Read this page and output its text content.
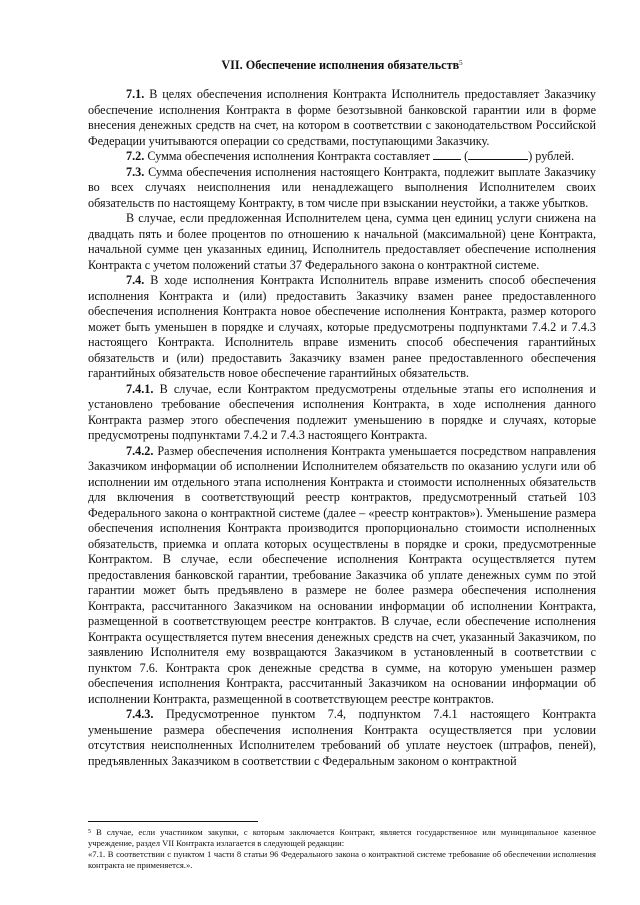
VII. Обеспечение исполнения обязательств$^5$

7.1. В целях обеспечения исполнения Контракта Исполнитель предоставляет Заказчику обеспечение исполнения Контракта в форме безотзывной банковской гарантии или в форме внесения денежных средств на счет, на котором в соответствии с законодательством Российской Федерации учитываются операции со средствами, поступающими Заказчику.

7.2. Сумма обеспечения исполнения Контракта составляет	(	) рублей.

7.3. Сумма обеспечения исполнения настоящего Контракта, подлежит выплате Заказчику во всех случаях неисполнения или ненадлежащего выполнения Исполнителем своих обязательств по настоящему Контракту, в том числе при взыскании неустойки, а также убытков.

В случае, если предложенная Исполнителем цена, сумма цен единиц услуги снижена на двадцать пять и более процентов по отношению к начальной (максимальной) цене Контракта, начальной сумме цен указанных единиц, Исполнитель предоставляет обеспечение исполнения Контракта с учетом положений статьи 37 Федерального закона о контрактной системе.

7.4. В ходе исполнения Контракта Исполнитель вправе изменить способ обеспечения исполнения Контракта и (или) предоставить Заказчику взамен ранее предоставленного обеспечения исполнения Контракта новое обеспечение исполнения Контракта, размер которого может быть уменьшен в порядке и случаях, которые предусмотрены подпунктами 7.4.2 и 7.4.3 настоящего Контракта. Исполнитель вправе изменить способ обеспечения гарантийных обязательств и (или) предоставить Заказчику взамен ранее предоставленного обеспечения гарантийных обязательств новое обеспечение гарантийных обязательств.

7.4.1. В случае, если Контрактом предусмотрены отдельные этапы его исполнения и установлено требование обеспечения исполнения Контракта, в ходе исполнения данного Контракта размер этого обеспечения подлежит уменьшению в порядке и случаях, которые предусмотрены подпунктами 7.4.2 и 7.4.3 настоящего Контракта.

7.4.2. Размер обеспечения исполнения Контракта уменьшается посредством направления Заказчиком информации об исполнении Исполнителем обязательств по оказанию услуги или об исполнении им отдельного этапа исполнения Контракта и стоимости исполненных обязательств для включения в соответствующий реестр контрактов, предусмотренный статьей 103 Федерального закона о контрактной системе (далее – «реестр контрактов»). Уменьшение размера обеспечения исполнения Контракта производится пропорционально стоимости исполненных обязательств, приемка и оплата которых осуществлены в порядке и сроки, предусмотренные Контрактом. В случае, если обеспечение исполнения Контракта осуществляется путем предоставления банковской гарантии, требование Заказчика об уплате денежных сумм по этой гарантии может быть предъявлено в размере не более размера обеспечения исполнения Контракта, рассчитанного Заказчиком на основании информации об исполнении Контракта, размещенной в соответствующем реестре контрактов. В случае, если обеспечение исполнения Контракта осуществляется путем внесения денежных средств на счет, указанный Заказчиком, по заявлению Исполнителя ему возвращаются Заказчиком в установленный в соответствии с пунктом 7.6. Контракта срок денежные средства в сумме, на которую уменьшен размер обеспечения исполнения Контракта, рассчитанный Заказчиком на основании информации об исполнении Контракта, размещенной в соответствующем реестре контрактов.

7.4.3. Предусмотренное пунктом 7.4, подпунктом 7.4.1 настоящего Контракта уменьшение размера обеспечения исполнения Контракта осуществляется при условии отсутствия неисполненных Исполнителем требований об уплате неустоек (штрафов, пеней), предъявленных Заказчиком в соответствии с Федеральным законом о контрактной

$^5$ В случае, если участником закупки, с которым заключается Контракт, является государственное или муниципальное казенное учреждение, раздел VII Контракта излагается в следующей редакции:

«7.1. В соответствии с пунктом 1 части 8 статьи 96 Федерального закона о контрактной системе требование об обеспечении исполнения контракта не применяется.».
